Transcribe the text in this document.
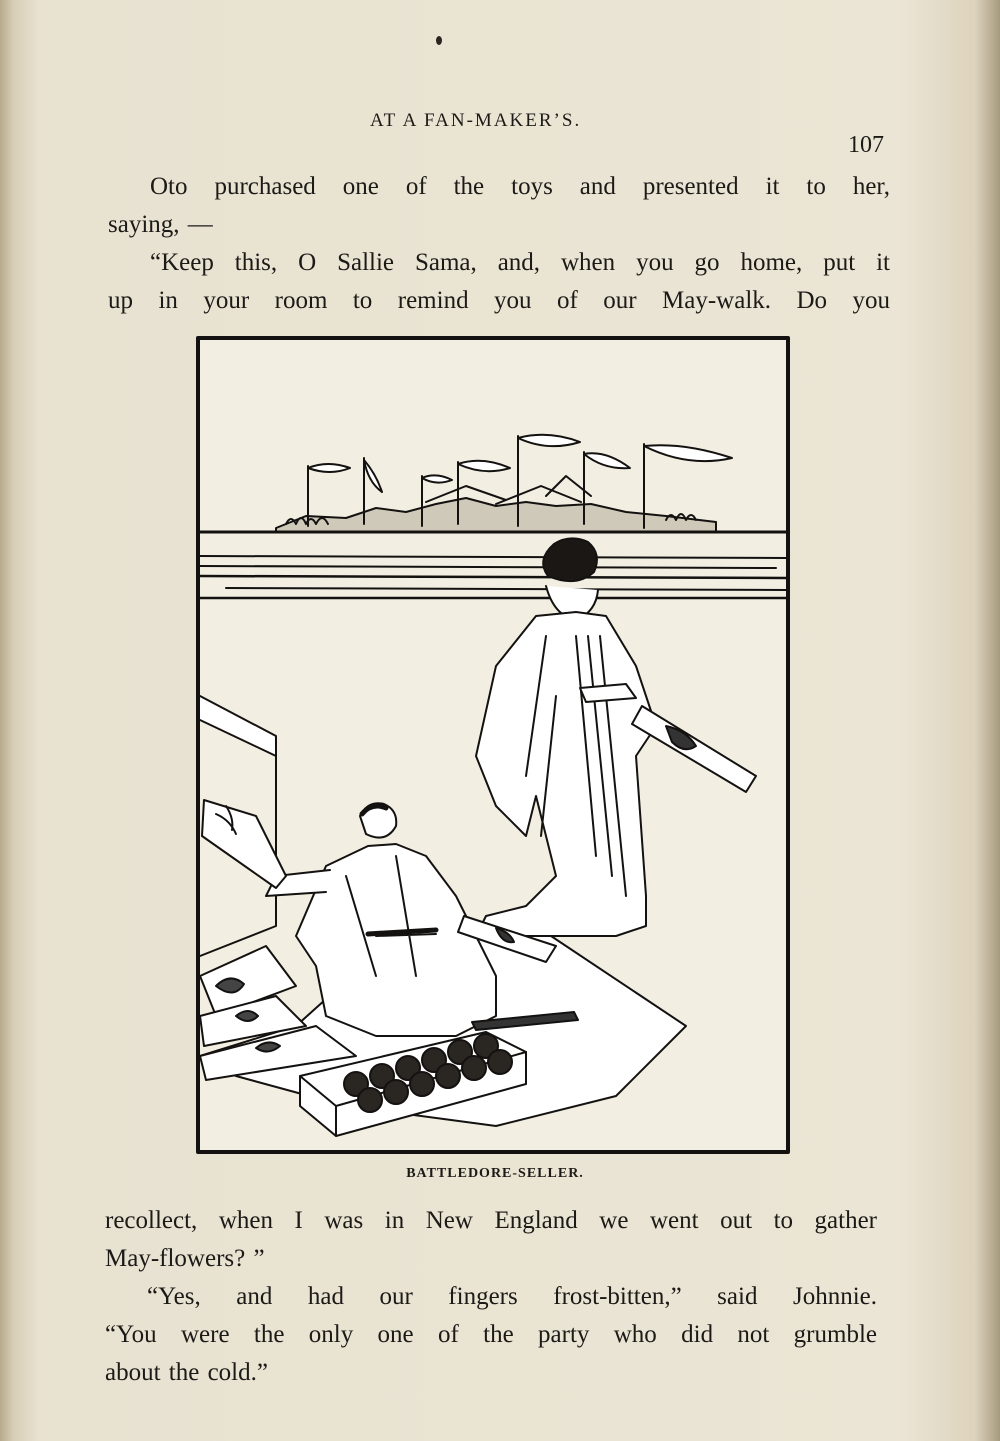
AT A FAN-MAKER’S.
107

Oto purchased one of the toys and presented it to her,

saying, —

“Keep this, O Sallie Sama, and, when you go home, put it

up in your room to remind you of our May-walk. Do you

BATTLEDORE-SELLER.

recollect, when I was in New England we went out to gather

May-flowers? ”

“Yes, and had our fingers frost-bitten,” said Johnnie.

“You were the only one of the party who did not grumble

about the cold.”
